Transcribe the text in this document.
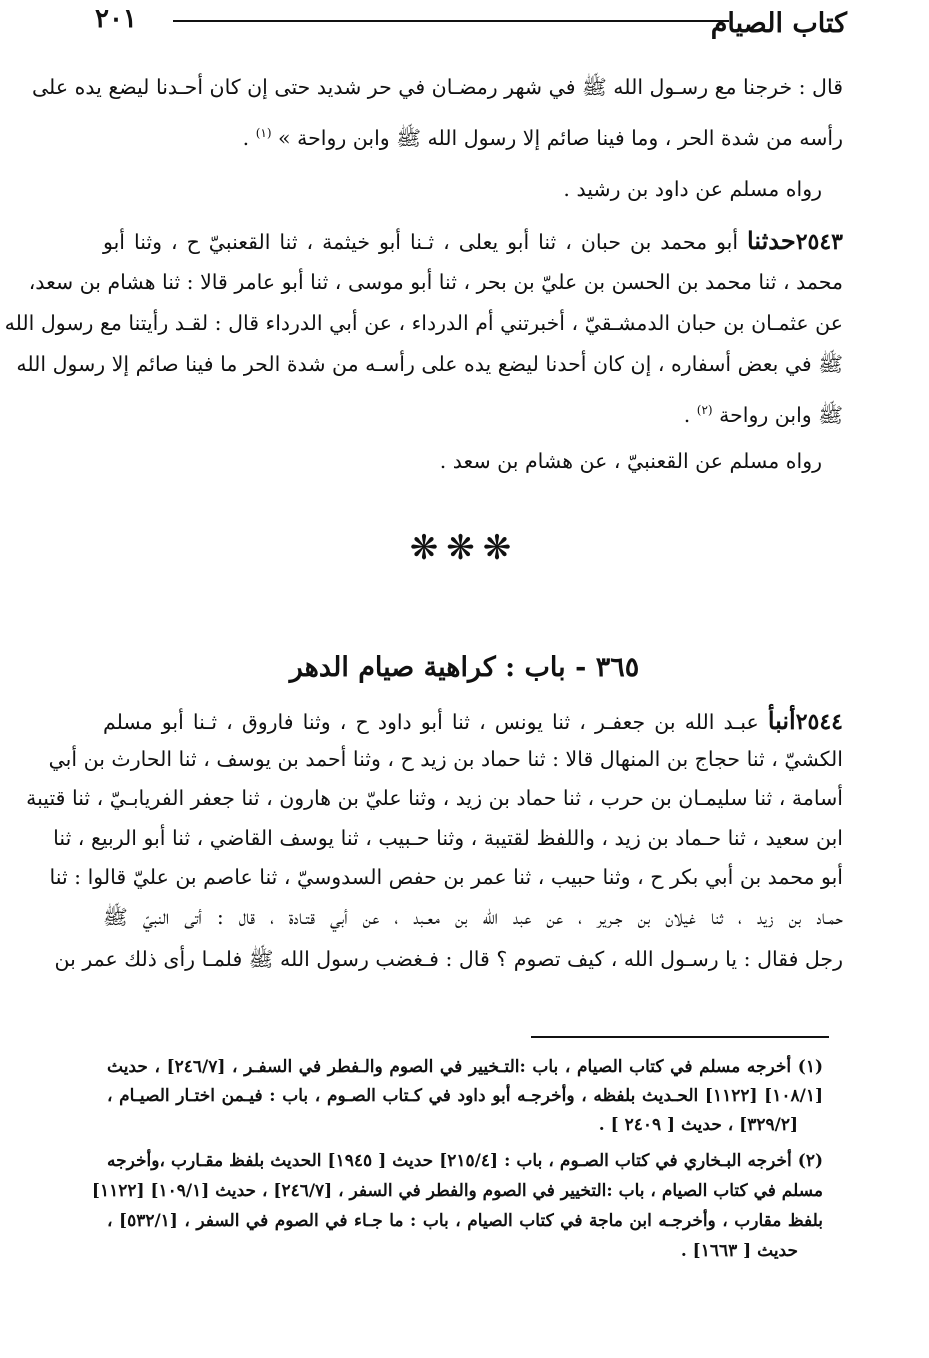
كتاب الصيام
٢٠١
قال : خرجنا مع رسـول الله ﷺ في شهر رمضـان في حر شديد حتى إن كان أحـدنا ليضع يده على
رأسه من شدة الحر ، وما فينا صائم إلا رسول الله ﷺ وابن رواحة » $^{(١)}$ .
رواه مسلم عن داود بن رشيد .
٢٥٤٣حدثنا أبو محمد بن حبان ، ثنا أبو يعلى ، ثـنا أبو خيثمة ، ثنا القعنبيّ ح ، وثنا أبو
محمد ، ثنا محمد بن الحسن بن عليّ بن بحر ، ثنا أبو موسى ، ثنا أبو عامر قالا : ثنا هشام بن سعد،
عن عثمـان بن حبان الدمشـقيّ ، أخبرتني أم الدرداء ، عن أبي الدرداء قال : لقـد رأيتنا مع رسول الله
ﷺ في بعض أسفاره ، إن كان أحدنا ليضع يده على رأسـه من شدة الحر ما فينا صائم إلا رسول الله
ﷺ وابن رواحة $^{(٢)}$ .
رواه مسلم عن القعنبيّ ، عن هشام بن سعد .
❋❋❋
٣٦٥ - باب : كراهية صيام الدهر
٢٥٤٤أنبأ عبـد الله بن جعفـر ، ثنا يونس ، ثنا أبو داود ح ، وثنا فاروق ، ثـنا أبو مسلم
الكشيّ ، ثنا حجاج بن المنهال قالا : ثنا حماد بن زيد ح ، وثنا أحمد بن يوسف ، ثنا الحارث بن أبي
أسامة ، ثنا سليمـان بن حرب ، ثنا حماد بن زيد ، وثنا عليّ بن هارون ، ثنا جعفر الفريابـيّ ، ثنا قتيبة
ابن سعيد ، ثنا حـماد بن زيد ، واللفظ لقتيبة ، وثنا حـبيب ، ثنا يوسف القاضي ، ثنا أبو الربيع ، ثنا
أبو محمد بن أبي بكر ح ، وثنا حبيب ، ثنا عمر بن حفص السدوسيّ ، ثنا عاصم بن عليّ قالوا : ثنا
حمـاد بن زيد ، ثنا غيلان بن جـرير ، عن عبد الله بن معـبد ، عن أبي قتـادة ، قال : أتى النبيّ ﷺ
رجل فقال : يا رسـول الله ، كيف تصوم ؟ قال : فـغضب رسول الله ﷺ فلمـا رأى ذلك عمر بن
(١) أخرجه مسلم في كتاب الصيام ، باب :التـخيير في الصوم والـفطر في السفـر ، [٢٤٦/٧] ، حديث
[١٠٨/١] [١١٢٢] الحـديث بلفظه ، وأخرجـه أبو داود في كـتاب الصـوم ، باب : فيـمن اختـار الصيـام ،
[٣٢٩/٢] ، حديث [ ٢٤٠٩ ] .
(٢) أخرجه البـخاري في كتاب الصـوم ، باب : [٢١٥/٤] حديث [ ١٩٤٥] الحديث بلفظ مقـارب ،وأخرجه
مسلم في كتاب الصيام ، باب :التخيير في الصوم والفطر في السفر ، [٢٤٦/٧] ، حديث [١٠٩/١] [١١٢٢]
بلفظ مقارب ، وأخرجـه ابن ماجة في كتاب الصيام ، باب : ما جـاء في الصوم في السفر ، [٥٣٢/١] ،
حديث [ ١٦٦٣] .
